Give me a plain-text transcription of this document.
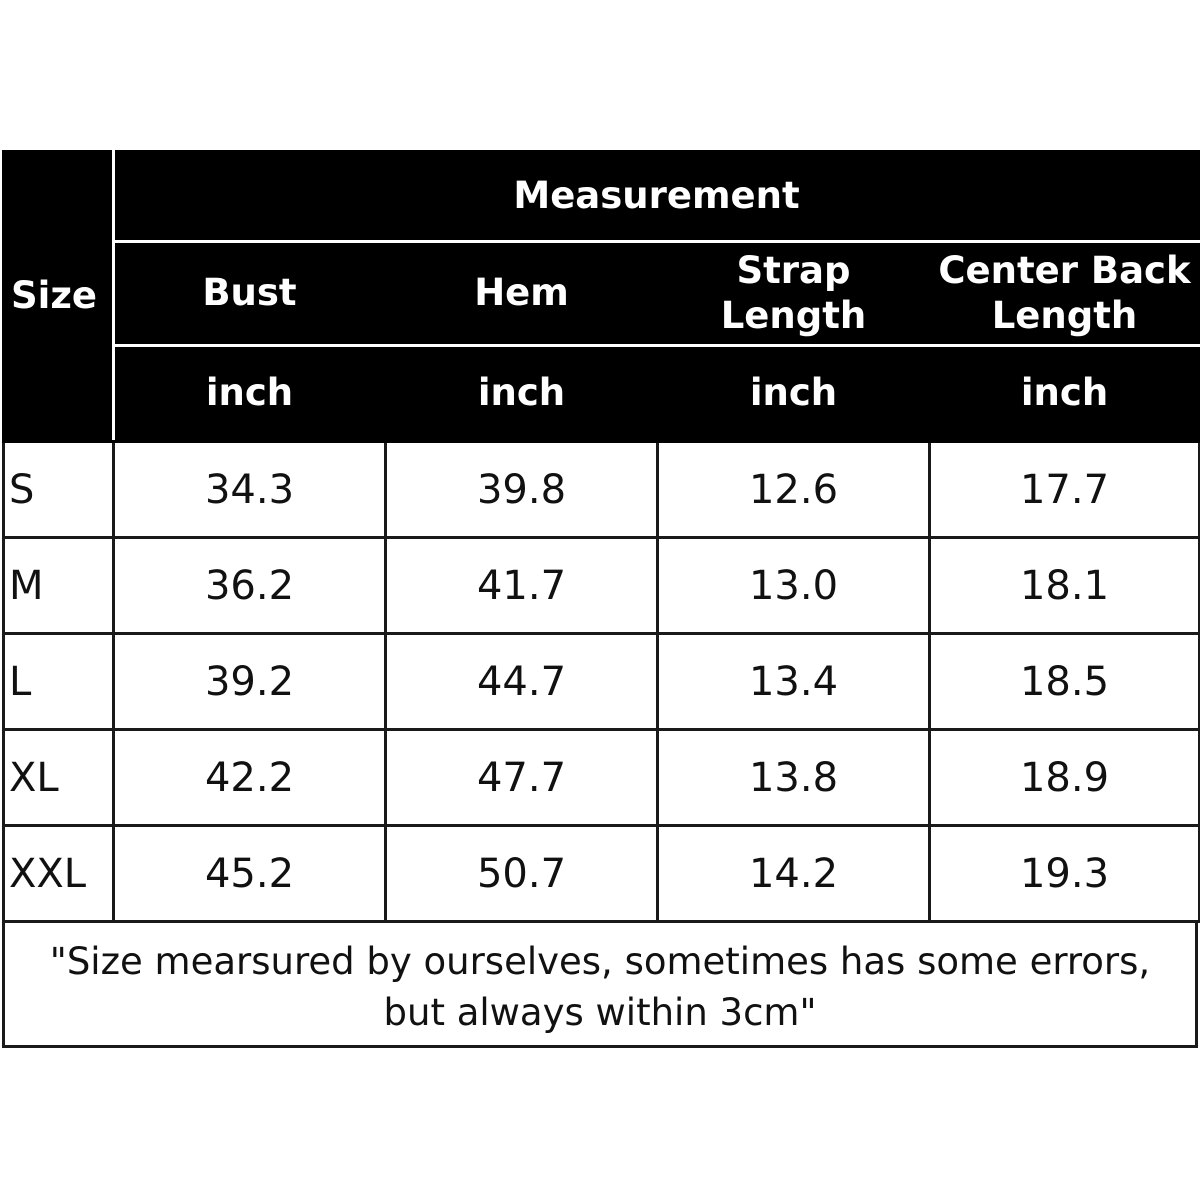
Size	Measurement			
	Bust	Hem	Strap Length	Center Back Length
	inch	inch	inch	inch
S	34.3	39.8	12.6	17.7
M	36.2	41.7	13.0	18.1
L	39.2	44.7	13.4	18.5
XL	42.2	47.7	13.8	18.9
XXL	45.2	50.7	14.2	19.3
"Size mearsured by ourselves, sometimes has some errors, but always within 3cm"
